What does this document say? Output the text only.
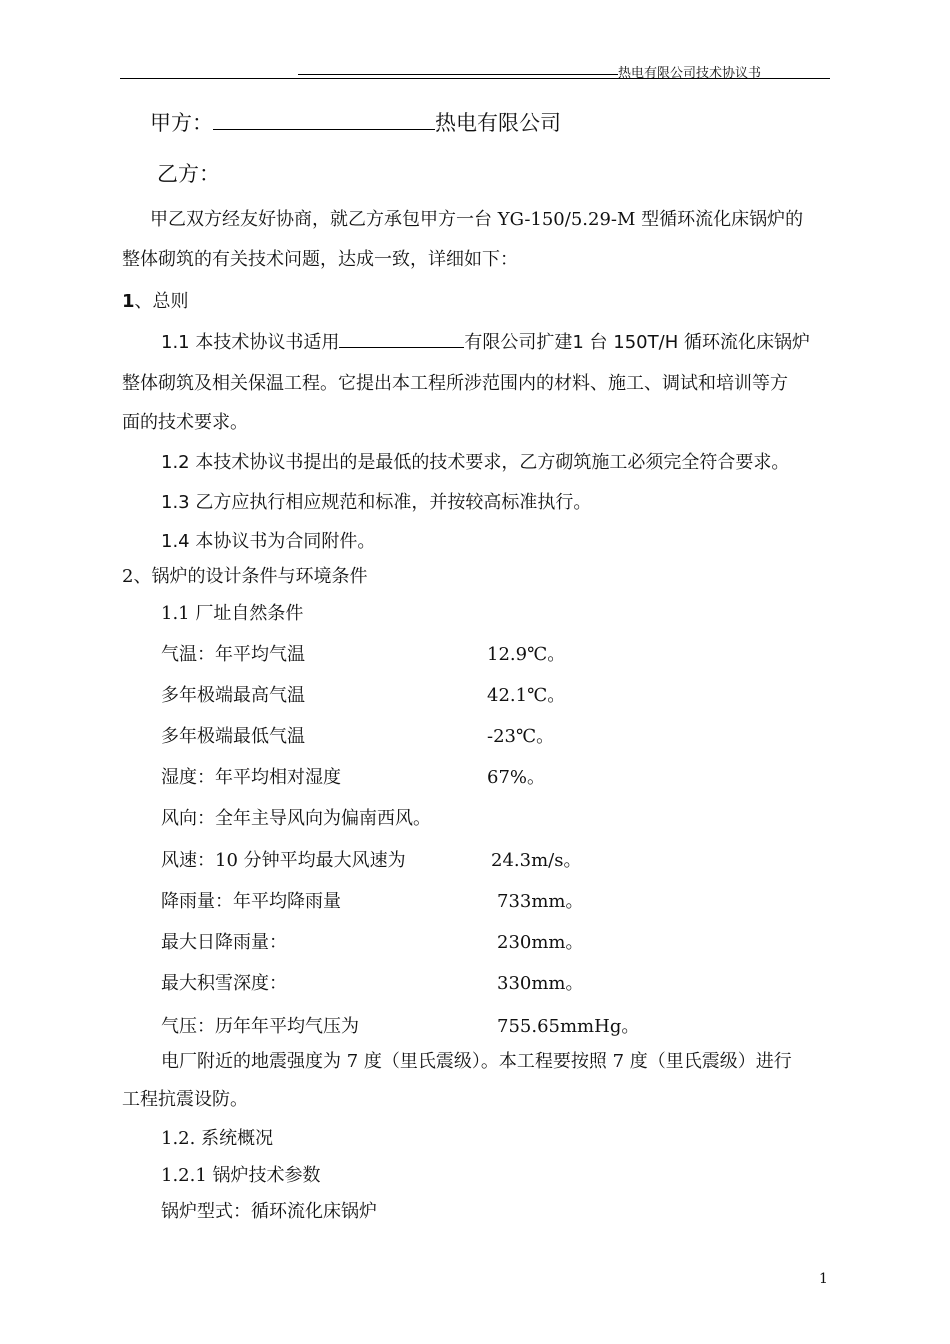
热电有限公司技术协议书
甲方：	热电有限公司
乙方：
甲乙双方经友好协商，就乙方承包甲方一台 YG-150/5.29-M 型循环流化床锅炉的
整体砌筑的有关技术问题，达成一致，详细如下：
1、总则
1.1 本技术协议书适用	有限公司扩建1 台 150T/H 循环流化床锅炉
整体砌筑及相关保温工程。它提出本工程所涉范围内的材料、施工、调试和培训等方
面的技术要求。
1.2 本技术协议书提出的是最低的技术要求，乙方砌筑施工必须完全符合要求。
1.3 乙方应执行相应规范和标准，并按较高标准执行。
1.4 本协议书为合同附件。
2、锅炉的设计条件与环境条件
1.1 厂址自然条件
气温：年平均气温	12.9℃。
多年极端最高气温	42.1℃。
多年极端最低气温	-23℃。
湿度：年平均相对湿度	67%。
风向：全年主导风向为偏南西风。
风速：10 分钟平均最大风速为	24.3m/s。
降雨量：年平均降雨量	733mm。
最大日降雨量：	230mm。
最大积雪深度：	330mm。
气压：历年年平均气压为	755.65mmHg。
电厂附近的地震强度为 7 度（里氏震级）。本工程要按照 7 度（里氏震级）进行
工程抗震设防。
1.2. 系统概况
1.2.1 锅炉技术参数
锅炉型式：循环流化床锅炉
1
